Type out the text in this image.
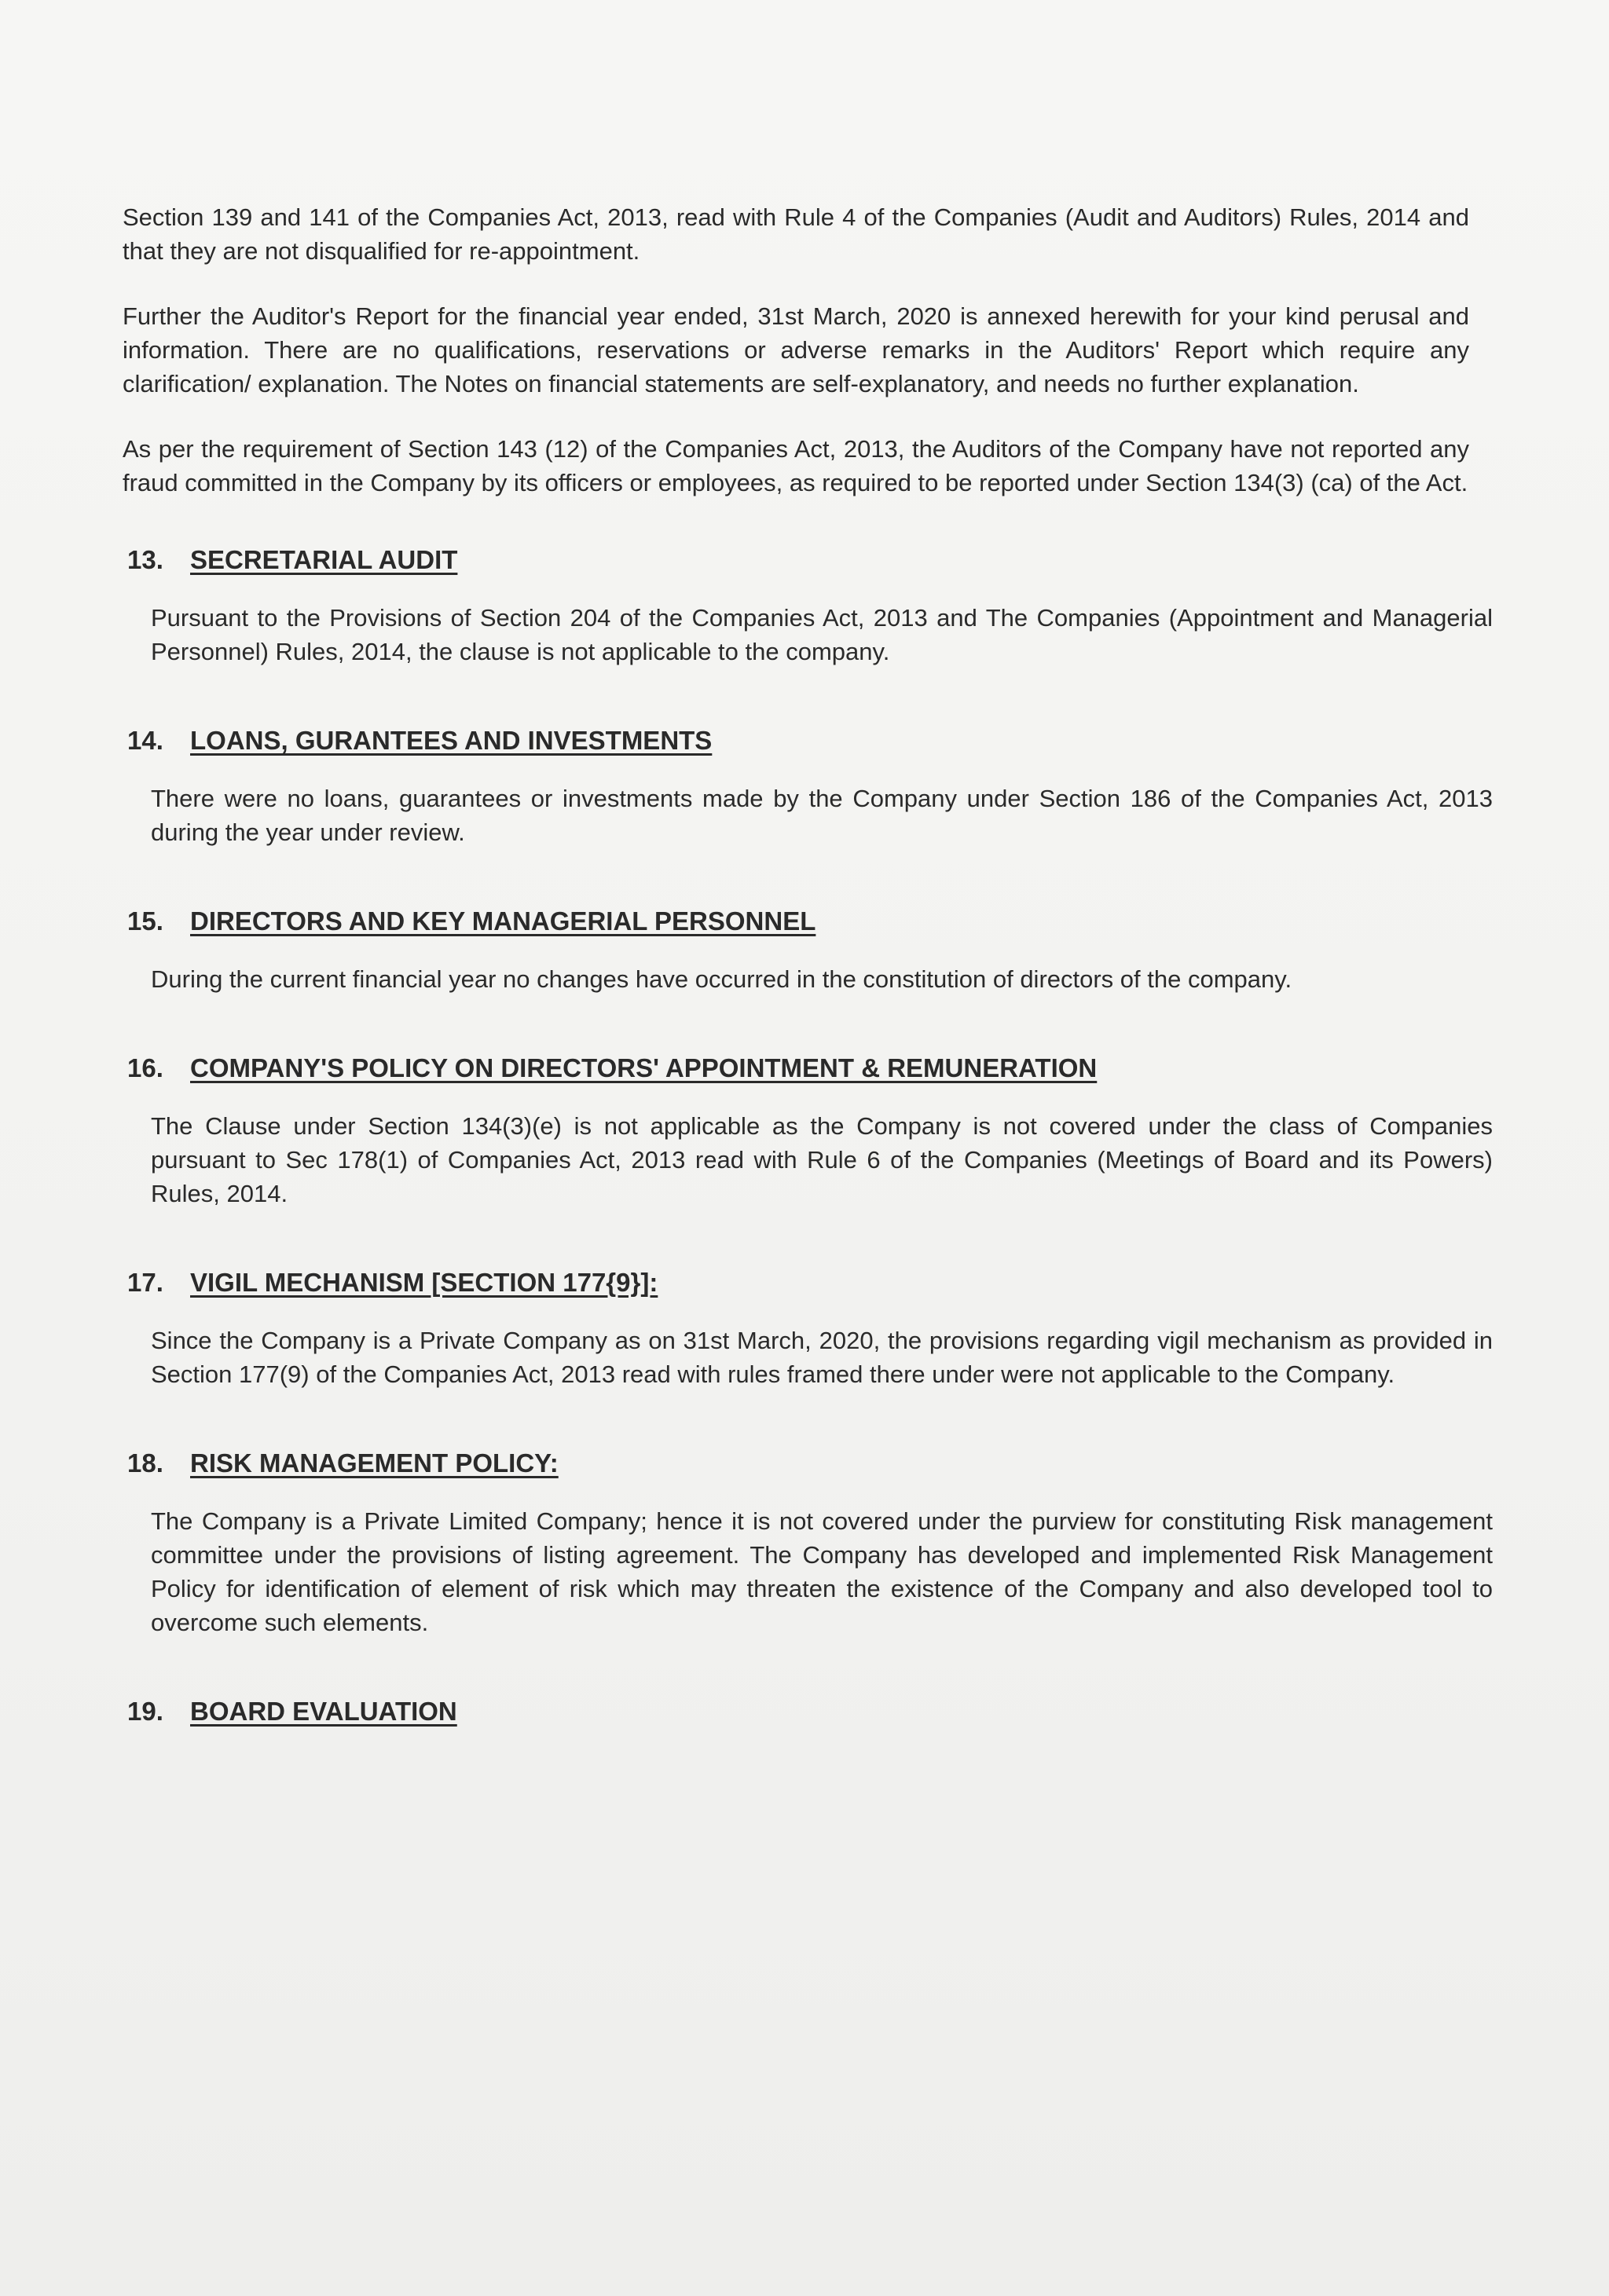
Section 139 and 141 of the Companies Act, 2013, read with Rule 4 of the Companies (Audit and Auditors) Rules, 2014 and that they are not disqualified for re-appointment.

Further the Auditor's Report for the financial year ended, 31st March, 2020 is annexed herewith for your kind perusal and information. There are no qualifications, reservations or adverse remarks in the Auditors' Report which require any clarification/ explanation. The Notes on financial statements are self-explanatory, and needs no further explanation.

As per the requirement of Section 143 (12) of the Companies Act, 2013, the Auditors of the Company have not reported any fraud committed in the Company by its officers or employees, as required to be reported under Section 134(3) (ca) of the Act.

13.	SECRETARIAL AUDIT

Pursuant to the Provisions of Section 204 of the Companies Act, 2013 and The Companies (Appointment and Managerial Personnel) Rules, 2014, the clause is not applicable to the company.

14.	LOANS, GURANTEES AND INVESTMENTS

There were no loans, guarantees or investments made by the Company under Section 186 of the Companies Act, 2013 during the year under review.

15.	DIRECTORS AND KEY MANAGERIAL PERSONNEL

During the current financial year no changes have occurred in the constitution of directors of the company.

16.	COMPANY'S POLICY ON DIRECTORS' APPOINTMENT & REMUNERATION

The Clause under Section 134(3)(e) is not applicable as the Company is not covered under the class of Companies pursuant to Sec 178(1) of Companies Act, 2013 read with Rule 6 of the Companies (Meetings of Board and its Powers) Rules, 2014.

17.	VIGIL MECHANISM [SECTION 177{9}]:

Since the Company is a Private Company as on 31st March, 2020, the provisions regarding vigil mechanism as provided in Section 177(9) of the Companies Act, 2013 read with rules framed there under were not applicable to the Company.

18.	RISK MANAGEMENT POLICY:

The Company is a Private Limited Company; hence it is not covered under the purview for constituting Risk management committee under the provisions of listing agreement. The Company has developed and implemented Risk Management Policy for identification of element of risk which may threaten the existence of the Company and also developed tool to overcome such elements.

19.	BOARD EVALUATION
